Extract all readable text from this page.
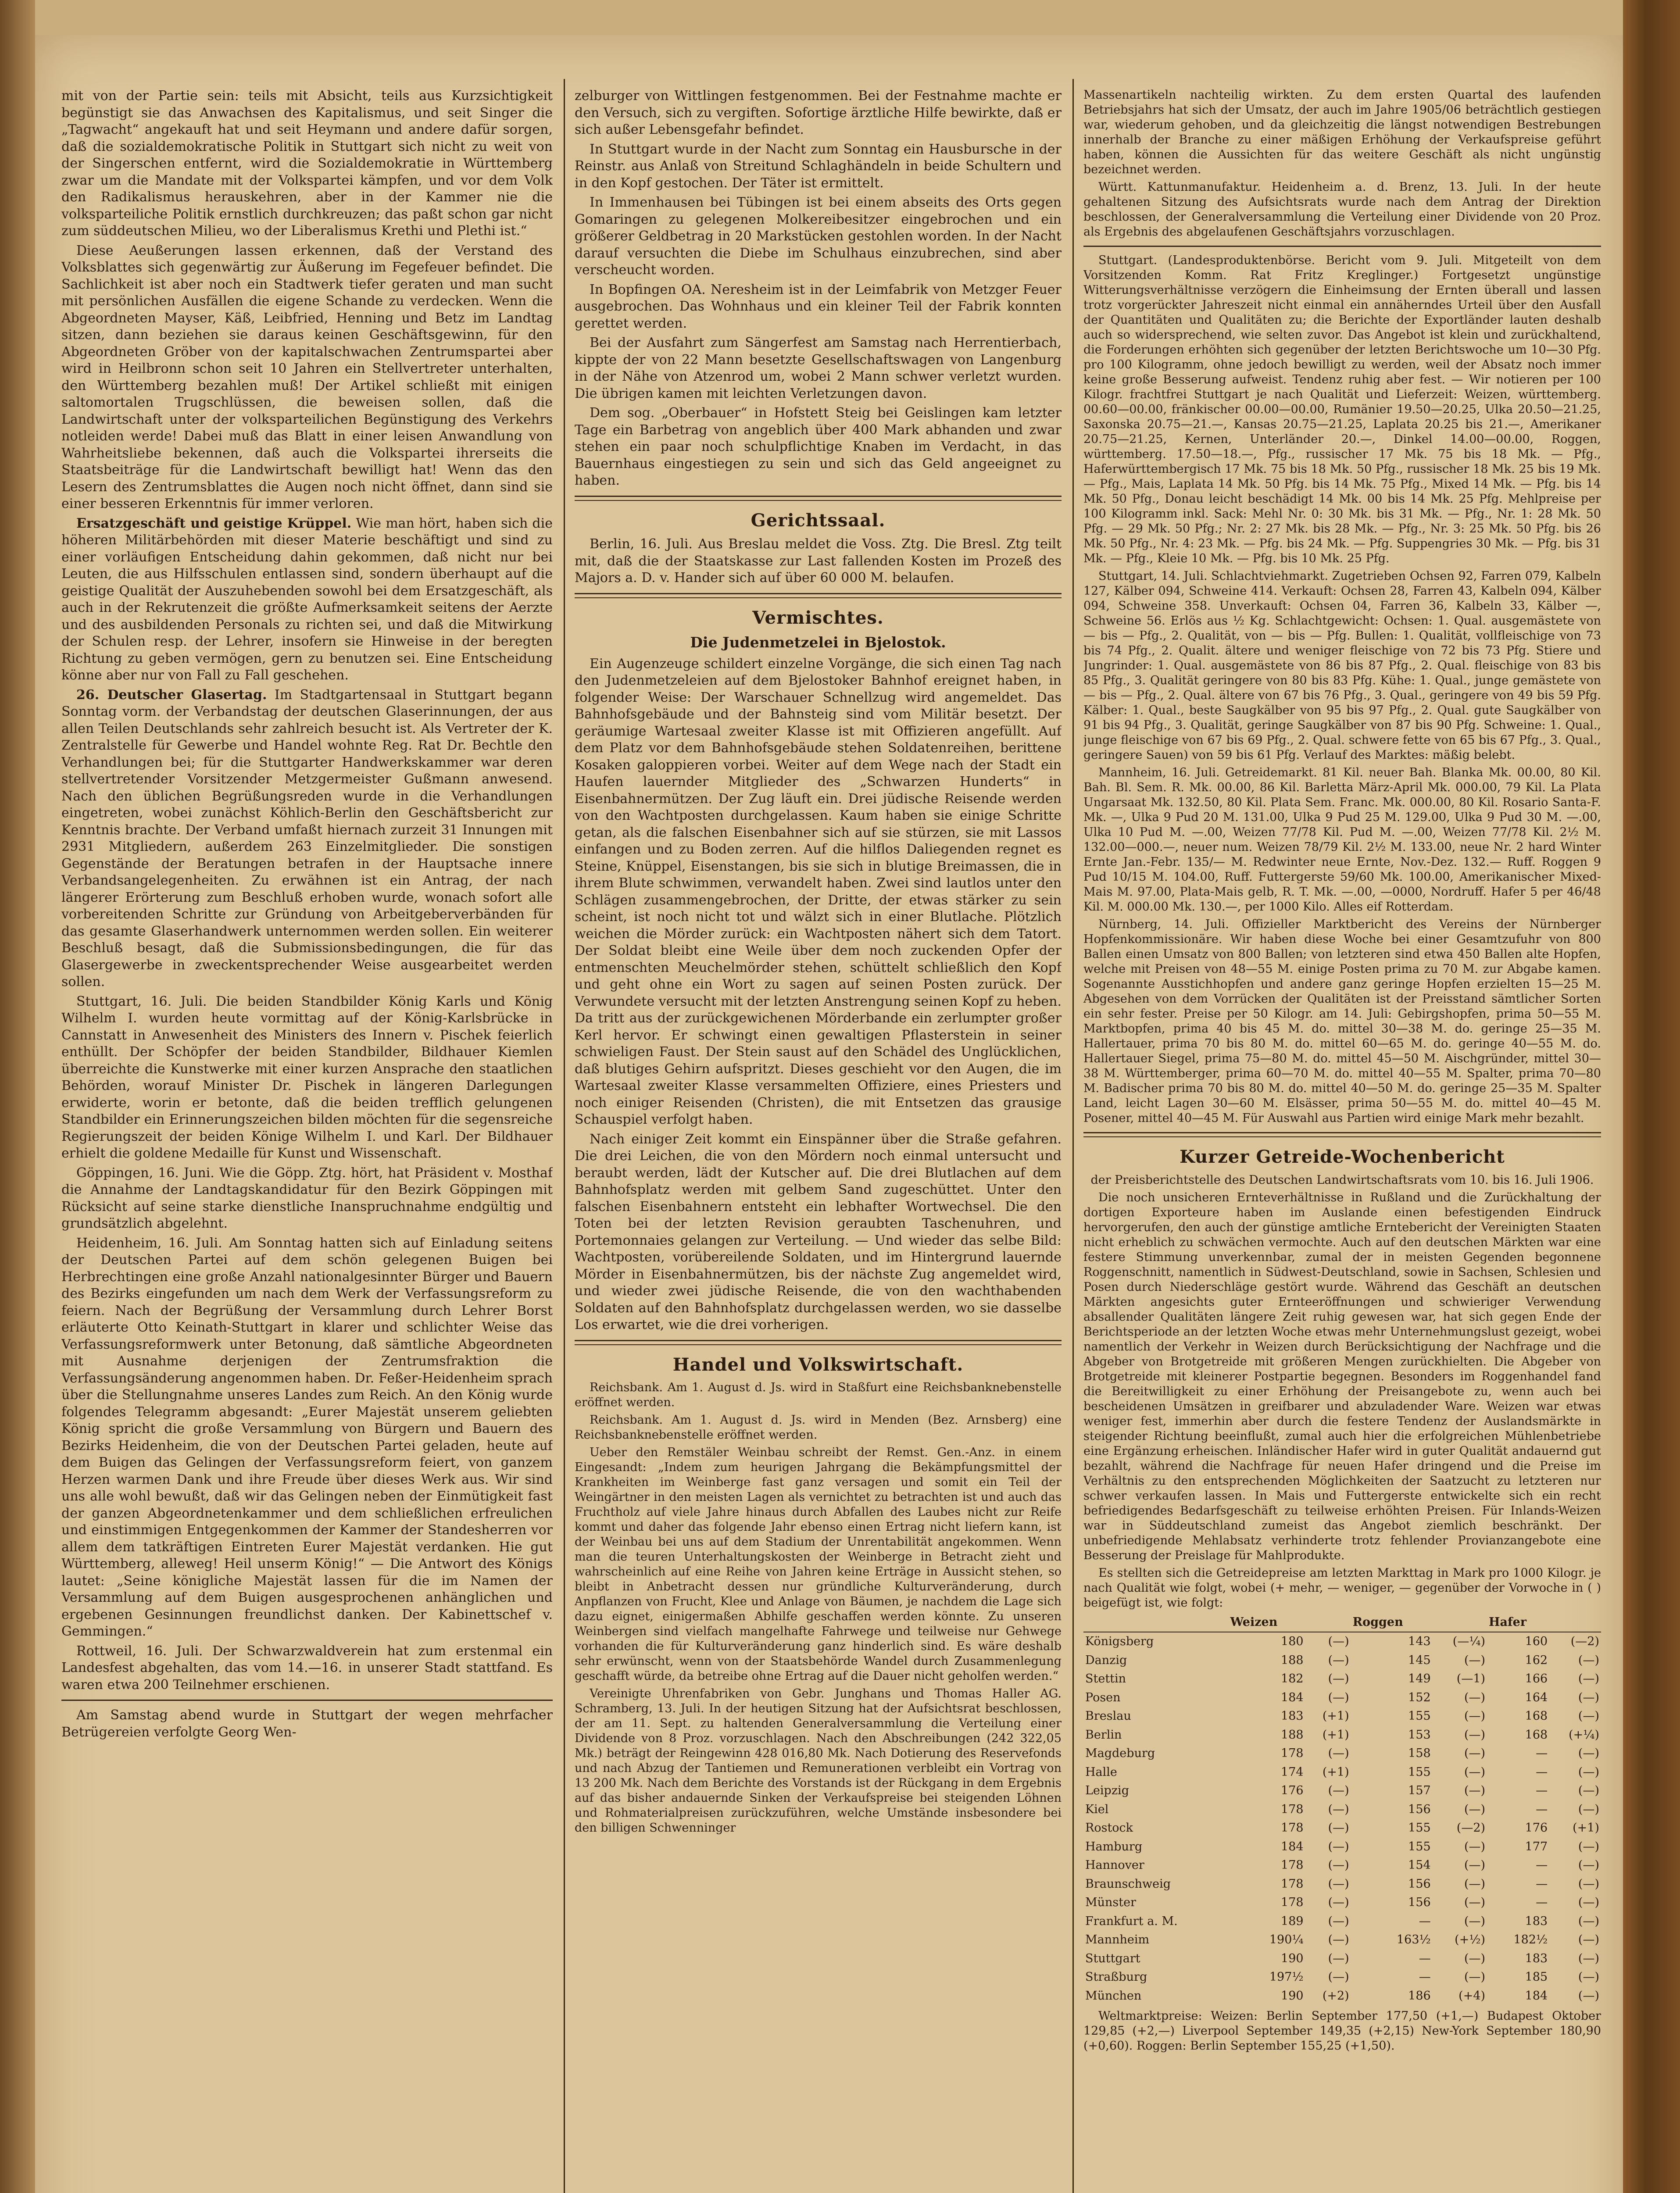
mit von der Partie sein: teils mit Absicht, teils aus Kurzsichtigkeit begünstigt sie das Anwachsen des Kapitalismus, und seit Singer die „Tagwacht“ angekauft hat und seit Heymann und andere dafür sorgen, daß die sozialdemokratische Politik in Stuttgart sich nicht zu weit von der Singerschen entfernt, wird die Sozialdemokratie in Württemberg zwar um die Mandate mit der Volkspartei kämpfen, und vor dem Volk den Radikalismus herauskehren, aber in der Kammer nie die volksparteiliche Politik ernstlich durchkreuzen; das paßt schon gar nicht zum süddeutschen Milieu, wo der Liberalismus Krethi und Plethi ist.“

Diese Aeußerungen lassen erkennen, daß der Verstand des Volksblattes sich gegenwärtig zur Äußerung im Fegefeuer befindet. Die Sachlichkeit ist aber noch ein Stadtwerk tiefer geraten und man sucht mit persönlichen Ausfällen die eigene Schande zu verdecken. Wenn die Abgeordneten Mayser, Käß, Leibfried, Henning und Betz im Landtag sitzen, dann beziehen sie daraus keinen Geschäftsgewinn, für den Abgeordneten Gröber von der kapitalschwachen Zentrumspartei aber wird in Heilbronn schon seit 10 Jahren ein Stellvertreter unterhalten, den Württemberg bezahlen muß! Der Artikel schließt mit einigen saltomortalen Trugschlüssen, die beweisen sollen, daß die Landwirtschaft unter der volksparteilichen Begünstigung des Verkehrs notleiden werde! Dabei muß das Blatt in einer leisen Anwandlung von Wahrheitsliebe bekennen, daß auch die Volkspartei ihrerseits die Staatsbeiträge für die Landwirtschaft bewilligt hat! Wenn das den Lesern des Zentrumsblattes die Augen noch nicht öffnet, dann sind sie einer besseren Erkenntnis für immer verloren.

Ersatzgeschäft und geistige Krüppel. Wie man hört, haben sich die höheren Militärbehörden mit dieser Materie beschäftigt und sind zu einer vorläufigen Entscheidung dahin gekommen, daß nicht nur bei Leuten, die aus Hilfsschulen entlassen sind, sondern überhaupt auf die geistige Qualität der Auszuhebenden sowohl bei dem Ersatzgeschäft, als auch in der Rekrutenzeit die größte Aufmerksamkeit seitens der Aerzte und des ausbildenden Personals zu richten sei, und daß die Mitwirkung der Schulen resp. der Lehrer, insofern sie Hinweise in der beregten Richtung zu geben vermögen, gern zu benutzen sei. Eine Entscheidung könne aber nur von Fall zu Fall geschehen.

26. Deutscher Glasertag. Im Stadtgartensaal in Stuttgart begann Sonntag vorm. der Verbandstag der deutschen Glaserinnungen, der aus allen Teilen Deutschlands sehr zahlreich besucht ist. Als Vertreter der K. Zentralstelle für Gewerbe und Handel wohnte Reg. Rat Dr. Bechtle den Verhandlungen bei; für die Stuttgarter Handwerkskammer war deren stellvertretender Vorsitzender Metzgermeister Gußmann anwesend. Nach den üblichen Begrüßungsreden wurde in die Verhandlungen eingetreten, wobei zunächst Köhlich-Berlin den Geschäftsbericht zur Kenntnis brachte. Der Verband umfaßt hiernach zurzeit 31 Innungen mit 2931 Mitgliedern, außerdem 263 Einzelmitglieder. Die sonstigen Gegenstände der Beratungen betrafen in der Hauptsache innere Verbandsangelegenheiten. Zu erwähnen ist ein Antrag, der nach längerer Erörterung zum Beschluß erhoben wurde, wonach sofort alle vorbereitenden Schritte zur Gründung von Arbeitgeberverbänden für das gesamte Glaserhandwerk unternommen werden sollen. Ein weiterer Beschluß besagt, daß die Submissionsbedingungen, die für das Glasergewerbe in zweckentsprechender Weise ausgearbeitet werden sollen.

Stuttgart, 16. Juli. Die beiden Standbilder König Karls und König Wilhelm I. wurden heute vormittag auf der König-Karlsbrücke in Cannstatt in Anwesenheit des Ministers des Innern v. Pischek feierlich enthüllt. Der Schöpfer der beiden Standbilder, Bildhauer Kiemlen überreichte die Kunstwerke mit einer kurzen Ansprache den staatlichen Behörden, worauf Minister Dr. Pischek in längeren Darlegungen erwiderte, worin er betonte, daß die beiden trefflich gelungenen Standbilder ein Erinnerungszeichen bilden möchten für die segensreiche Regierungszeit der beiden Könige Wilhelm I. und Karl. Der Bildhauer erhielt die goldene Medaille für Kunst und Wissenschaft.

Göppingen, 16. Juni. Wie die Göpp. Ztg. hört, hat Präsident v. Mosthaf die Annahme der Landtagskandidatur für den Bezirk Göppingen mit Rücksicht auf seine starke dienstliche Inanspruchnahme endgültig und grundsätzlich abgelehnt.

Heidenheim, 16. Juli. Am Sonntag hatten sich auf Einladung seitens der Deutschen Partei auf dem schön gelegenen Buigen bei Herbrechtingen eine große Anzahl nationalgesinnter Bürger und Bauern des Bezirks eingefunden um nach dem Werk der Verfassungsreform zu feiern. Nach der Begrüßung der Versammlung durch Lehrer Borst erläuterte Otto Keinath-Stuttgart in klarer und schlichter Weise das Verfassungsreformwerk unter Betonung, daß sämtliche Abgeordneten mit Ausnahme derjenigen der Zentrumsfraktion die Verfassungsänderung angenommen haben. Dr. Feßer-Heidenheim sprach über die Stellungnahme unseres Landes zum Reich. An den König wurde folgendes Telegramm abgesandt: „Eurer Majestät unserem geliebten König spricht die große Versammlung von Bürgern und Bauern des Bezirks Heidenheim, die von der Deutschen Partei geladen, heute auf dem Buigen das Gelingen der Verfassungsreform feiert, von ganzem Herzen warmen Dank und ihre Freude über dieses Werk aus. Wir sind uns alle wohl bewußt, daß wir das Gelingen neben der Einmütigkeit fast der ganzen Abgeordnetenkammer und dem schließlichen erfreulichen und einstimmigen Entgegenkommen der Kammer der Standesherren vor allem dem tatkräftigen Eintreten Eurer Majestät verdanken. Hie gut Württemberg, alleweg! Heil unserm König!“ — Die Antwort des Königs lautet: „Seine königliche Majestät lassen für die im Namen der Versammlung auf dem Buigen ausgesprochenen anhänglichen und ergebenen Gesinnungen freundlichst danken. Der Kabinettschef v. Gemmingen.“

Rottweil, 16. Juli. Der Schwarzwaldverein hat zum erstenmal ein Landesfest abgehalten, das vom 14.—16. in unserer Stadt stattfand. Es waren etwa 200 Teilnehmer erschienen.

Am Samstag abend wurde in Stuttgart der wegen mehrfacher Betrügereien verfolgte Georg Wen-

zelburger von Wittlingen festgenommen. Bei der Festnahme machte er den Versuch, sich zu vergiften. Sofortige ärztliche Hilfe bewirkte, daß er sich außer Lebensgefahr befindet.

In Stuttgart wurde in der Nacht zum Sonntag ein Hausbursche in der Reinstr. aus Anlaß von Streitund Schlaghändeln in beide Schultern und in den Kopf gestochen. Der Täter ist ermittelt.

In Immenhausen bei Tübingen ist bei einem abseits des Orts gegen Gomaringen zu gelegenen Molkereibesitzer eingebrochen und ein größerer Geldbetrag in 20 Markstücken gestohlen worden. In der Nacht darauf versuchten die Diebe im Schulhaus einzubrechen, sind aber verscheucht worden.

In Bopfingen OA. Neresheim ist in der Leimfabrik von Metzger Feuer ausgebrochen. Das Wohnhaus und ein kleiner Teil der Fabrik konnten gerettet werden.

Bei der Ausfahrt zum Sängerfest am Samstag nach Herrentierbach, kippte der von 22 Mann besetzte Gesellschaftswagen von Langenburg in der Nähe von Atzenrod um, wobei 2 Mann schwer verletzt wurden. Die übrigen kamen mit leichten Verletzungen davon.

Dem sog. „Oberbauer“ in Hofstett Steig bei Geislingen kam letzter Tage ein Barbetrag von angeblich über 400 Mark abhanden und zwar stehen ein paar noch schulpflichtige Knaben im Verdacht, in das Bauernhaus eingestiegen zu sein und sich das Geld angeeignet zu haben.

Gerichtssaal.

Berlin, 16. Juli. Aus Breslau meldet die Voss. Ztg. Die Bresl. Ztg teilt mit, daß die der Staatskasse zur Last fallenden Kosten im Prozeß des Majors a. D. v. Hander sich auf über 60 000 M. belaufen.

Vermischtes.
Die Judenmetzelei in Bjelostok.

Ein Augenzeuge schildert einzelne Vorgänge, die sich einen Tag nach den Judenmetzeleien auf dem Bjelostoker Bahnhof ereignet haben, in folgender Weise: Der Warschauer Schnellzug wird angemeldet. Das Bahnhofsgebäude und der Bahnsteig sind vom Militär besetzt. Der geräumige Wartesaal zweiter Klasse ist mit Offizieren angefüllt. Auf dem Platz vor dem Bahnhofsgebäude stehen Soldatenreihen, berittene Kosaken galoppieren vorbei. Weiter auf dem Wege nach der Stadt ein Haufen lauernder Mitglieder des „Schwarzen Hunderts“ in Eisenbahnermützen. Der Zug läuft ein. Drei jüdische Reisende werden von den Wachtposten durchgelassen. Kaum haben sie einige Schritte getan, als die falschen Eisenbahner sich auf sie stürzen, sie mit Lassos einfangen und zu Boden zerren. Auf die hilflos Daliegenden regnet es Steine, Knüppel, Eisenstangen, bis sie sich in blutige Breimassen, die in ihrem Blute schwimmen, verwandelt haben. Zwei sind lautlos unter den Schlägen zusammengebrochen, der Dritte, der etwas stärker zu sein scheint, ist noch nicht tot und wälzt sich in einer Blutlache. Plötzlich weichen die Mörder zurück: ein Wachtposten nähert sich dem Tatort. Der Soldat bleibt eine Weile über dem noch zuckenden Opfer der entmenschten Meuchelmörder stehen, schüttelt schließlich den Kopf und geht ohne ein Wort zu sagen auf seinen Posten zurück. Der Verwundete versucht mit der letzten Anstrengung seinen Kopf zu heben. Da tritt aus der zurückgewichenen Mörderbande ein zerlumpter großer Kerl hervor. Er schwingt einen gewaltigen Pflasterstein in seiner schwieligen Faust. Der Stein saust auf den Schädel des Unglücklichen, daß blutiges Gehirn aufspritzt. Dieses geschieht vor den Augen, die im Wartesaal zweiter Klasse versammelten Offiziere, eines Priesters und noch einiger Reisenden (Christen), die mit Entsetzen das grausige Schauspiel verfolgt haben.

Nach einiger Zeit kommt ein Einspänner über die Straße gefahren. Die drei Leichen, die von den Mördern noch einmal untersucht und beraubt werden, lädt der Kutscher auf. Die drei Blutlachen auf dem Bahnhofsplatz werden mit gelbem Sand zugeschüttet. Unter den falschen Eisenbahnern entsteht ein lebhafter Wortwechsel. Die den Toten bei der letzten Revision geraubten Taschenuhren, und Portemonnaies gelangen zur Verteilung. — Und wieder das selbe Bild: Wachtposten, vorübereilende Soldaten, und im Hintergrund lauernde Mörder in Eisenbahnermützen, bis der nächste Zug angemeldet wird, und wieder zwei jüdische Reisende, die von den wachthabenden Soldaten auf den Bahnhofsplatz durchgelassen werden, wo sie dasselbe Los erwartet, wie die drei vorherigen.

Handel und Volkswirtschaft.

Reichsbank. Am 1. August d. Js. wird in Staßfurt eine Reichsbanknebenstelle eröffnet werden.

Reichsbank. Am 1. August d. Js. wird in Menden (Bez. Arnsberg) eine Reichsbanknebenstelle eröffnet werden.

Ueber den Remstäler Weinbau schreibt der Remst. Gen.-Anz. in einem Eingesandt: „Indem zum heurigen Jahrgang die Bekämpfungsmittel der Krankheiten im Weinberge fast ganz versagen und somit ein Teil der Weingärtner in den meisten Lagen als vernichtet zu betrachten ist und auch das Fruchtholz auf viele Jahre hinaus durch Abfallen des Laubes nicht zur Reife kommt und daher das folgende Jahr ebenso einen Ertrag nicht liefern kann, ist der Weinbau bei uns auf dem Stadium der Unrentabilität angekommen. Wenn man die teuren Unterhaltungskosten der Weinberge in Betracht zieht und wahrscheinlich auf eine Reihe von Jahren keine Erträge in Aussicht stehen, so bleibt in Anbetracht dessen nur gründliche Kulturveränderung, durch Anpflanzen von Frucht, Klee und Anlage von Bäumen, je nachdem die Lage sich dazu eignet, einigermaßen Abhilfe geschaffen werden könnte. Zu unseren Weinbergen sind vielfach mangelhafte Fahrwege und teilweise nur Gehwege vorhanden die für Kulturveränderung ganz hinderlich sind. Es wäre deshalb sehr erwünscht, wenn von der Staatsbehörde Wandel durch Zusammenlegung geschafft würde, da betreibe ohne Ertrag auf die Dauer nicht geholfen werden.“

Vereinigte Uhrenfabriken von Gebr. Junghans und Thomas Haller AG. Schramberg, 13. Juli. In der heutigen Sitzung hat der Aufsichtsrat beschlossen, der am 11. Sept. zu haltenden Generalversammlung die Verteilung einer Dividende von 8 Proz. vorzuschlagen. Nach den Abschreibungen (242 322,05 Mk.) beträgt der Reingewinn 428 016,80 Mk. Nach Dotierung des Reservefonds und nach Abzug der Tantiemen und Remunerationen verbleibt ein Vortrag von 13 200 Mk. Nach dem Berichte des Vorstands ist der Rückgang in dem Ergebnis auf das bisher andauernde Sinken der Verkaufspreise bei steigenden Löhnen und Rohmaterialpreisen zurückzuführen, welche Umstände insbesondere bei den billigen Schwenninger

Massenartikeln nachteilig wirkten. Zu dem ersten Quartal des laufenden Betriebsjahrs hat sich der Umsatz, der auch im Jahre 1905/06 beträchtlich gestiegen war, wiederum gehoben, und da gleichzeitig die längst notwendigen Bestrebungen innerhalb der Branche zu einer mäßigen Erhöhung der Verkaufspreise geführt haben, können die Aussichten für das weitere Geschäft als nicht ungünstig bezeichnet werden.

Württ. Kattunmanufaktur. Heidenheim a. d. Brenz, 13. Juli. In der heute gehaltenen Sitzung des Aufsichtsrats wurde nach dem Antrag der Direktion beschlossen, der Generalversammlung die Verteilung einer Dividende von 20 Proz. als Ergebnis des abgelaufenen Geschäftsjahrs vorzuschlagen.

Stuttgart. (Landesproduktenbörse. Bericht vom 9. Juli. Mitgeteilt von dem Vorsitzenden Komm. Rat Fritz Kreglinger.) Fortgesetzt ungünstige Witterungsverhältnisse verzögern die Einheimsung der Ernten überall und lassen trotz vorgerückter Jahreszeit nicht einmal ein annäherndes Urteil über den Ausfall der Quantitäten und Qualitäten zu; die Berichte der Exportländer lauten deshalb auch so widersprechend, wie selten zuvor. Das Angebot ist klein und zurückhaltend, die Forderungen erhöhten sich gegenüber der letzten Berichtswoche um 10—30 Pfg. pro 100 Kilogramm, ohne jedoch bewilligt zu werden, weil der Absatz noch immer keine große Besserung aufweist. Tendenz ruhig aber fest. — Wir notieren per 100 Kilogr. frachtfrei Stuttgart je nach Qualität und Lieferzeit: Weizen, württemberg. 00.60—00.00, fränkischer 00.00—00.00, Rumänier 19.50—20.25, Ulka 20.50—21.25, Saxonska 20.75—21.—, Kansas 20.75—21.25, Laplata 20.25 bis 21.—, Amerikaner 20.75—21.25, Kernen, Unterländer 20.—, Dinkel 14.00—00.00, Roggen, württemberg. 17.50—18.—, Pfg., russischer 17 Mk. 75 bis 18 Mk. — Pfg., Haferwürttembergisch 17 Mk. 75 bis 18 Mk. 50 Pfg., russischer 18 Mk. 25 bis 19 Mk. — Pfg., Mais, Laplata 14 Mk. 50 Pfg. bis 14 Mk. 75 Pfg., Mixed 14 Mk. — Pfg. bis 14 Mk. 50 Pfg., Donau leicht beschädigt 14 Mk. 00 bis 14 Mk. 25 Pfg. Mehlpreise per 100 Kilogramm inkl. Sack: Mehl Nr. 0: 30 Mk. bis 31 Mk. — Pfg., Nr. 1: 28 Mk. 50 Pfg. — 29 Mk. 50 Pfg.; Nr. 2: 27 Mk. bis 28 Mk. — Pfg., Nr. 3: 25 Mk. 50 Pfg. bis 26 Mk. 50 Pfg., Nr. 4: 23 Mk. — Pfg. bis 24 Mk. — Pfg. Suppengries 30 Mk. — Pfg. bis 31 Mk. — Pfg., Kleie 10 Mk. — Pfg. bis 10 Mk. 25 Pfg.

Stuttgart, 14. Juli. Schlachtviehmarkt. Zugetrieben Ochsen 92, Farren 079, Kalbeln 127, Kälber 094, Schweine 414. Verkauft: Ochsen 28, Farren 43, Kalbeln 094, Kälber 094, Schweine 358. Unverkauft: Ochsen 04, Farren 36, Kalbeln 33, Kälber —, Schweine 56. Erlös aus ½ Kg. Schlachtgewicht: Ochsen: 1. Qual. ausgemästete von — bis — Pfg., 2. Qualität, von — bis — Pfg. Bullen: 1. Qualität, vollfleischige von 73 bis 74 Pfg., 2. Qualit. ältere und weniger fleischige von 72 bis 73 Pfg. Stiere und Jungrinder: 1. Qual. ausgemästete von 86 bis 87 Pfg., 2. Qual. fleischige von 83 bis 85 Pfg., 3. Qualität geringere von 80 bis 83 Pfg. Kühe: 1. Qual., junge gemästete von — bis — Pfg., 2. Qual. ältere von 67 bis 76 Pfg., 3. Qual., geringere von 49 bis 59 Pfg. Kälber: 1. Qual., beste Saugkälber von 95 bis 97 Pfg., 2. Qual. gute Saugkälber von 91 bis 94 Pfg., 3. Qualität, geringe Saugkälber von 87 bis 90 Pfg. Schweine: 1. Qual., junge fleischige von 67 bis 69 Pfg., 2. Qual. schwere fette von 65 bis 67 Pfg., 3. Qual., geringere Sauen) von 59 bis 61 Pfg. Verlauf des Marktes: mäßig belebt.

Mannheim, 16. Juli. Getreidemarkt. 81 Kil. neuer Bah. Blanka Mk. 00.00, 80 Kil. Bah. Bl. Sem. R. Mk. 00.00, 86 Kil. Barletta März-April Mk. 000.00, 79 Kil. La Plata Ungarsaat Mk. 132.50, 80 Kil. Plata Sem. Franc. Mk. 000.00, 80 Kil. Rosario Santa-F. Mk. —, Ulka 9 Pud 20 M. 131.00, Ulka 9 Pud 25 M. 129.00, Ulka 9 Pud 30 M. —.00, Ulka 10 Pud M. —.00, Weizen 77/78 Kil. Pud M. —.00, Weizen 77/78 Kil. 2½ M. 132.00—000.—, neuer num. Weizen 78/79 Kil. 2½ M. 133.00, neue Nr. 2 hard Winter Ernte Jan.-Febr. 135/— M. Redwinter neue Ernte, Nov.-Dez. 132.— Ruff. Roggen 9 Pud 10/15 M. 104.00, Ruff. Futtergerste 59/60 Mk. 100.00, Amerikanischer Mixed-Mais M. 97.00, Plata-Mais gelb, R. T. Mk. —.00, —0000, Nordruff. Hafer 5 per 46/48 Kil. M. 000.00 Mk. 130.—, per 1000 Kilo. Alles eif Rotterdam.

Nürnberg, 14. Juli. Offizieller Marktbericht des Vereins der Nürnberger Hopfenkommissionäre. Wir haben diese Woche bei einer Gesamtzufuhr von 800 Ballen einen Umsatz von 800 Ballen; von letzteren sind etwa 450 Ballen alte Hopfen, welche mit Preisen von 48—55 M. einige Posten prima zu 70 M. zur Abgabe kamen. Sogenannte Ausstichhopfen und andere ganz geringe Hopfen erzielten 15—25 M. Abgesehen von dem Vorrücken der Qualitäten ist der Preisstand sämtlicher Sorten ein sehr fester. Preise per 50 Kilogr. am 14. Juli: Gebirgshopfen, prima 50—55 M. Marktbopfen, prima 40 bis 45 M. do. mittel 30—38 M. do. geringe 25—35 M. Hallertauer, prima 70 bis 80 M. do. mittel 60—65 M. do. geringe 40—55 M. do. Hallertauer Siegel, prima 75—80 M. do. mittel 45—50 M. Aischgründer, mittel 30—38 M. Württemberger, prima 60—70 M. do. mittel 40—55 M. Spalter, prima 70—80 M. Badischer prima 70 bis 80 M. do. mittel 40—50 M. do. geringe 25—35 M. Spalter Land, leicht Lagen 30—60 M. Elsässer, prima 50—55 M. do. mittel 40—45 M. Posener, mittel 40—45 M. Für Auswahl aus Partien wird einige Mark mehr bezahlt.

Kurzer Getreide-Wochenbericht

der Preisberichtstelle des Deutschen Landwirtschaftsrats vom 10. bis 16. Juli 1906.

Die noch unsicheren Ernteverhältnisse in Rußland und die Zurückhaltung der dortigen Exporteure haben im Auslande einen befestigenden Eindruck hervorgerufen, den auch der günstige amtliche Erntebericht der Vereinigten Staaten nicht erheblich zu schwächen vermochte. Auch auf den deutschen Märkten war eine festere Stimmung unverkennbar, zumal der in meisten Gegenden begonnene Roggenschnitt, namentlich in Südwest-Deutschland, sowie in Sachsen, Schlesien und Posen durch Niederschläge gestört wurde. Während das Geschäft an deutschen Märkten angesichts guter Ernteeröffnungen und schwieriger Verwendung absallender Qualitäten längere Zeit ruhig gewesen war, hat sich gegen Ende der Berichtsperiode an der letzten Woche etwas mehr Unternehmungslust gezeigt, wobei namentlich der Verkehr in Weizen durch Berücksichtigung der Nachfrage und die Abgeber von Brotgetreide mit größeren Mengen zurückhielten. Die Abgeber von Brotgetreide mit kleinerer Postpartie begegnen. Besonders im Roggenhandel fand die Bereitwilligkeit zu einer Erhöhung der Preisangebote zu, wenn auch bei bescheidenen Umsätzen in greifbarer und abzuladender Ware. Weizen war etwas weniger fest, immerhin aber durch die festere Tendenz der Auslandsmärkte in steigender Richtung beeinflußt, zumal auch hier die erfolgreichen Mühlenbetriebe eine Ergänzung erheischen. Inländischer Hafer wird in guter Qualität andauernd gut bezahlt, während die Nachfrage für neuen Hafer dringend und die Preise im Verhältnis zu den entsprechenden Möglichkeiten der Saatzucht zu letzteren nur schwer verkaufen lassen. In Mais und Futtergerste entwickelte sich ein recht befriedigendes Bedarfsgeschäft zu teilweise erhöhten Preisen. Für Inlands-Weizen war in Süddeutschland zumeist das Angebot ziemlich beschränkt. Der unbefriedigende Mehlabsatz verhinderte trotz fehlender Provianzangebote eine Besserung der Preislage für Mahlprodukte.

Es stellten sich die Getreidepreise am letzten Markttag in Mark pro 1000 Kilogr. je nach Qualität wie folgt, wobei (+ mehr, — weniger, — gegenüber der Vorwoche in ( ) beigefügt ist, wie folgt:

	Weizen		Roggen		Hafer	
Königsberg	180	(—)	143	(—¼)	160	(—2)
Danzig	188	(—)	145	(—)	162	(—)
Stettin	182	(—)	149	(—1)	166	(—)
Posen	184	(—)	152	(—)	164	(—)
Breslau	183	(+1)	155	(—)	168	(—)
Berlin	188	(+1)	153	(—)	168	(+¼)
Magdeburg	178	(—)	158	(—)	—	(—)
Halle	174	(+1)	155	(—)	—	(—)
Leipzig	176	(—)	157	(—)	—	(—)
Kiel	178	(—)	156	(—)	—	(—)
Rostock	178	(—)	155	(—2)	176	(+1)
Hamburg	184	(—)	155	(—)	177	(—)
Hannover	178	(—)	154	(—)	—	(—)
Braunschweig	178	(—)	156	(—)	—	(—)
Münster	178	(—)	156	(—)	—	(—)
Frankfurt a. M.	189	(—)	—	(—)	183	(—)
Mannheim	190¼	(—)	163½	(+½)	182½	(—)
Stuttgart	190	(—)	—	(—)	183	(—)
Straßburg	197½	(—)	—	(—)	185	(—)
München	190	(+2)	186	(+4)	184	(—)

Weltmarktpreise: Weizen: Berlin September 177,50 (+1,—) Budapest Oktober 129,85 (+2,—) Liverpool September 149,35 (+2,15) New-York September 180,90 (+0,60). Roggen: Berlin September 155,25 (+1,50).
